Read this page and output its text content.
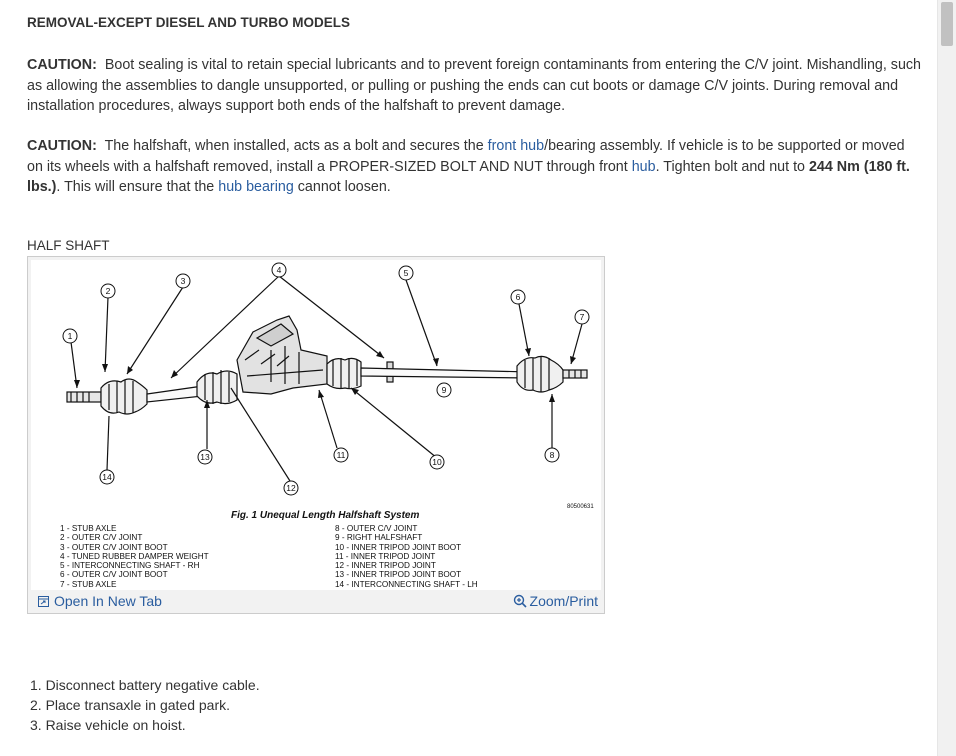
REMOVAL-EXCEPT DIESEL AND TURBO MODELS

CAUTION: Boot sealing is vital to retain special lubricants and to prevent foreign contaminants from entering the C/V joint. Mishandling, such as allowing the assemblies to dangle unsupported, or pulling or pushing the ends can cut boots or damage C/V joints. During removal and installation procedures, always support both ends of the halfshaft to prevent damage.

CAUTION: The halfshaft, when installed, acts as a bolt and secures the front hub/bearing assembly. If vehicle is to be supported or moved on its wheels with a halfshaft removed, install a PROPER-SIZED BOLT AND NUT through front hub. Tighten bolt and nut to 244 Nm (180 ft. lbs.). This will ensure that the hub bearing cannot loosen.

HALF SHAFT
1
2
3
4	5
6
7
8
9
10
11
12
13
14
80500631
Fig. 1 Unequal Length Halfshaft System
1 - STUB AXLE
2 - OUTER C/V JOINT
3 - OUTER C/V JOINT BOOT
4 - TUNED RUBBER DAMPER WEIGHT
5 - INTERCONNECTING SHAFT - RH
6 - OUTER C/V JOINT BOOT
7 - STUB AXLE
8 - OUTER C/V JOINT
9 - RIGHT HALFSHAFT
10 - INNER TRIPOD JOINT BOOT
11 - INNER TRIPOD JOINT
12 - INNER TRIPOD JOINT
13 - INNER TRIPOD JOINT BOOT
14 - INTERCONNECTING SHAFT - LH
Open In New Tab	Zoom/Print
1. Disconnect battery negative cable.
2. Place transaxle in gated park.
3. Raise vehicle on hoist.
